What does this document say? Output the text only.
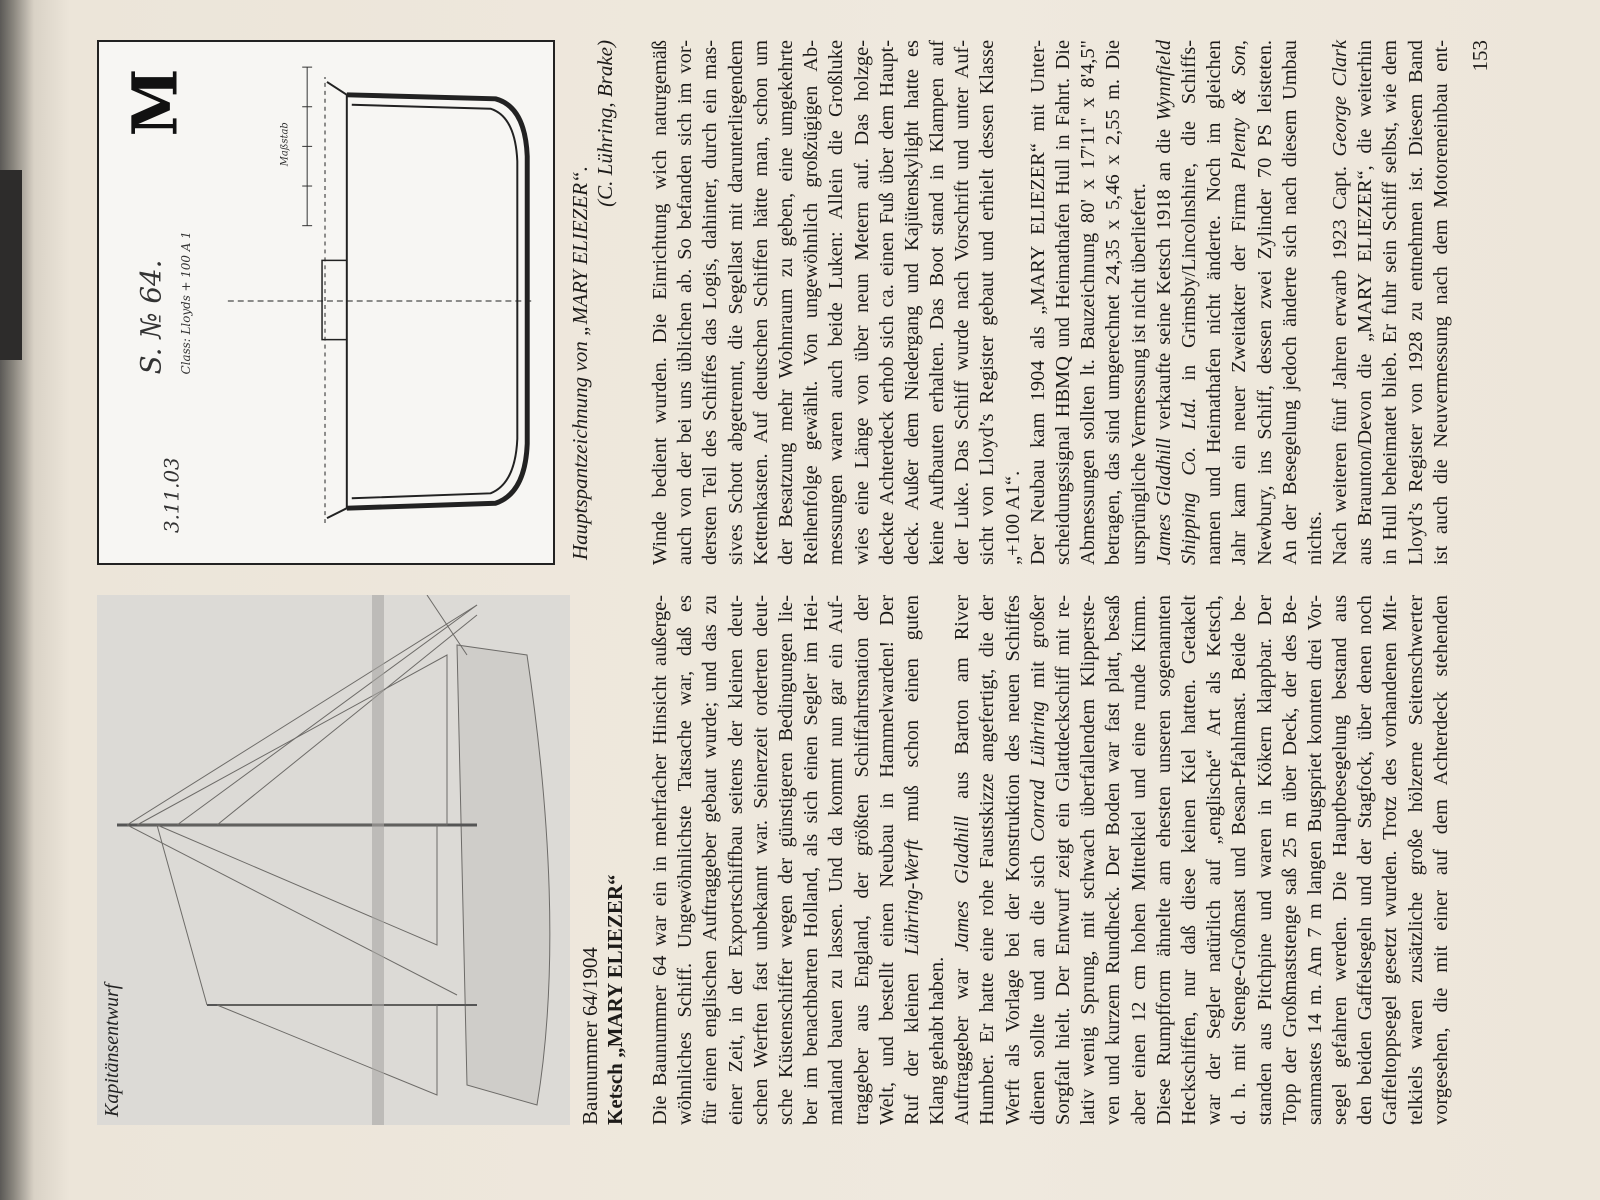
Kapitänsentwurf
S. № 64. Class: Lloyds + 100 A 1
3.11.03
Maßstab
M
Baunummer 64/1904 Ketsch „MARY ELIEZER“
Hauptspantzeichnung von „MARY ELIEZER“.
(C. Lühring, Brake)
Die Baunummer 64 war ein in mehrfacher Hinsicht außerge- wöhnliches Schiff. Ungewöhnlichste Tatsache war, daß es für einen englischen Auftraggeber gebaut wurde; und das zu einer Zeit, in der Exportschiffbau seitens der kleinen deut- schen Werften fast unbekannt war. Seinerzeit orderten deut- sche Küstenschiffer wegen der günstigeren Bedingungen lie- ber im benachbarten Holland, als sich einen Segler im Hei- matland bauen zu lassen. Und da kommt nun gar ein Auf- traggeber aus England, der größten Schiffahrtsnation der Welt, und bestellt einen Neubau in Hammelwarden! Der Ruf der kleinen Lühring-Werft muß schon einen guten
Klang gehabt haben. Auftraggeber war James Gladhill aus Barton am River Humber. Er hatte eine rohe Faustskizze angefertigt, die der Werft als Vorlage bei der Konstruktion des neuen Schiffes dienen sollte und an die sich Conrad Lühring mit großer Sorgfalt hielt. Der Entwurf zeigt ein Glattdeckschiff mit re- lativ wenig Sprung, mit schwach überfallendem Klipperste- ven und kurzem Rundheck. Der Boden war fast platt, besaß aber einen 12 cm hohen Mittelkiel und eine runde Kimm. Diese Rumpfform ähnelte am ehesten unseren sogenannten Heckschiffen, nur daß diese keinen Kiel hatten. Getakelt war der Segler natürlich auf „englische“ Art als Ketsch, d. h. mit Stenge-Großmast und Besan-Pfahlmast. Beide be- standen aus Pitchpine und waren in Kökern klappbar. Der Topp der Großmaststenge saß 25 m über Deck, der des Be- sanmastes 14 m. Am 7 m langen Bugspriet konnten drei Vor- segel gefahren werden. Die Hauptbesegelung bestand aus den beiden Gaffelsegeln und der Stagfock, über denen noch Gaffeltoppsegel gesetzt wurden. Trotz des vorhandenen Mit- telkiels waren zusätzliche große hölzerne Seitenschwerter vorgesehen, die mit einer auf dem Achterdeck stehenden
Winde bedient wurden. Die Einrichtung wich naturgemäß auch von der bei uns üblichen ab. So befanden sich im vor- dersten Teil des Schiffes das Logis, dahinter, durch ein mas- sives Schott abgetrennt, die Segellast mit darunterliegendem Kettenkasten. Auf deutschen Schiffen hätte man, schon um der Besatzung mehr Wohnraum zu geben, eine umgekehrte Reihenfolge gewählt. Von ungewöhnlich großzügigen Ab- messungen waren auch beide Luken: Allein die Großluke wies eine Länge von über neun Metern auf. Das holzge- deckte Achterdeck erhob sich ca. einen Fuß über dem Haupt- deck. Außer dem Niedergang und Kajütenskylight hatte es keine Aufbauten erhalten. Das Boot stand in Klampen auf der Luke. Das Schiff wurde nach Vorschrift und unter Auf- sicht von Lloyd’s Register gebaut und erhielt dessen Klasse „+100 A1“. Der Neubau kam 1904 als „MARY ELIEZER“ mit Unter- scheidungssignal HBMQ und Heimathafen Hull in Fahrt. Die Abmessungen sollten lt. Bauzeichnung 80' x 17'11" x 8'4,5" betragen, das sind umgerechnet 24,35 x 5,46 x 2,55 m. Die ursprüngliche Vermessung ist nicht überliefert. James Gladhill verkaufte seine Ketsch 1918 an die Wynnfield
Shipping Co. Ltd. in Grimsby/Lincolnshire, die Schiffs- namen und Heimathafen nicht änderte. Noch im gleichen Jahr kam ein neuer Zweitakter der Firma Plenty & Son, Newbury, ins Schiff, dessen zwei Zylinder 70 PS leisteten. An der Besegelung jedoch änderte sich nach diesem Umbau nichts. Nach weiteren fünf Jahren erwarb 1923 Capt. George Clark aus Braunton/Devon die „MARY ELIEZER“, die weiterhin in Hull beheimatet blieb. Er fuhr sein Schiff selbst, wie dem Lloyd’s Register von 1928 zu entnehmen ist. Diesem Band ist auch die Neuvermessung nach dem Motoreneinbau ent- 153
